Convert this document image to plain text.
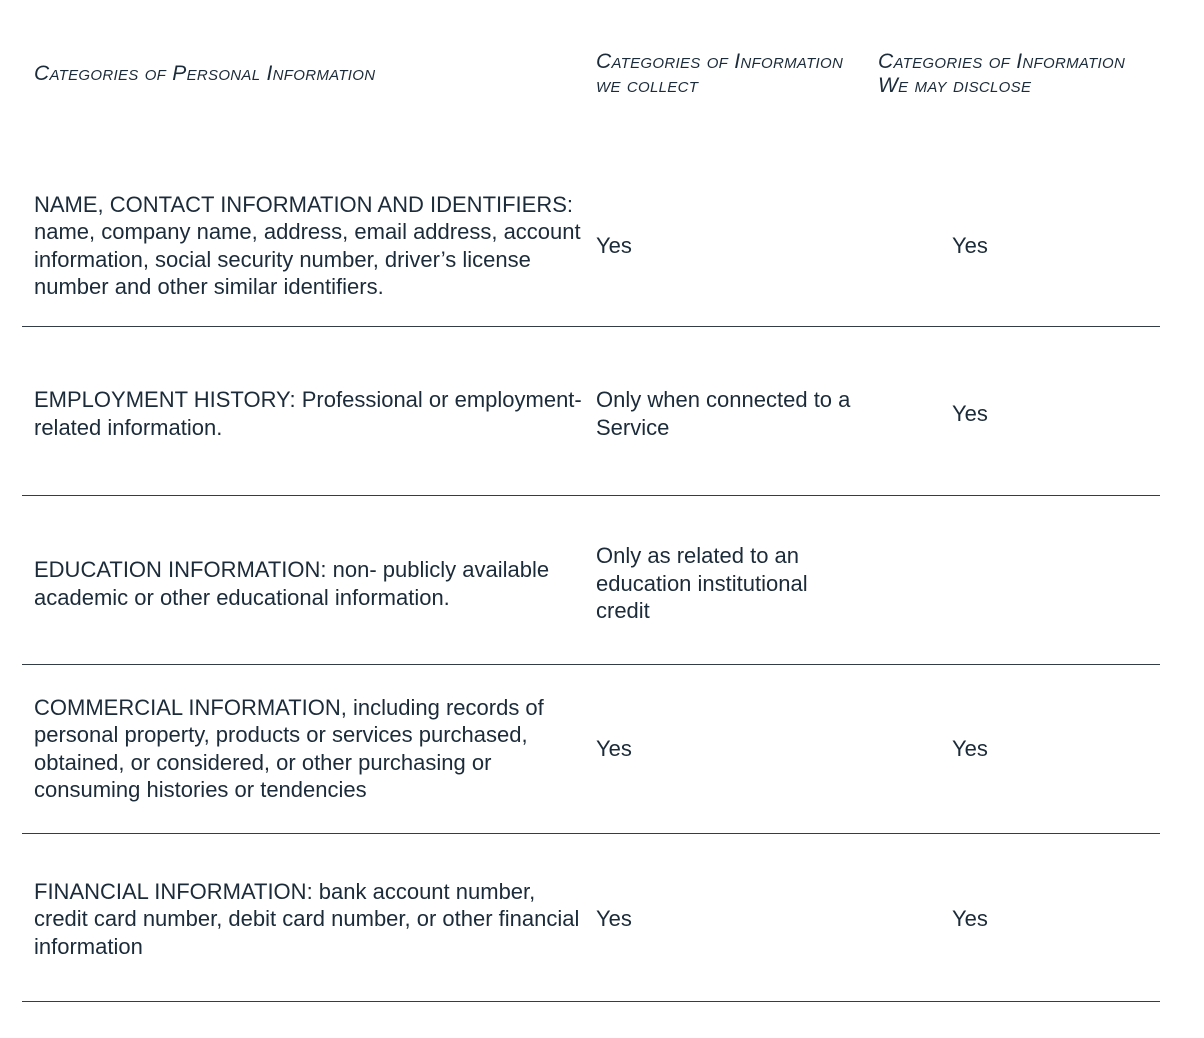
Categories of Personal Information	Categories of Information we collect	Categories of Information We may disclose
NAME, CONTACT INFORMATION AND IDENTIFIERS: name, company name, address, email address, account information, social security number, driver’s license number and other similar identifiers.	Yes	Yes
EMPLOYMENT HISTORY: Professional or employment-related information.	Only when connected to a Service	Yes
EDUCATION INFORMATION: non- publicly available academic or other educational information.	Only as related to an education institutional credit	
COMMERCIAL INFORMATION, including records of personal property, products or services purchased, obtained, or considered, or other purchasing or consuming histories or tendencies	Yes	Yes
FINANCIAL INFORMATION: bank account number, credit card number, debit card number, or other financial information	Yes	Yes
